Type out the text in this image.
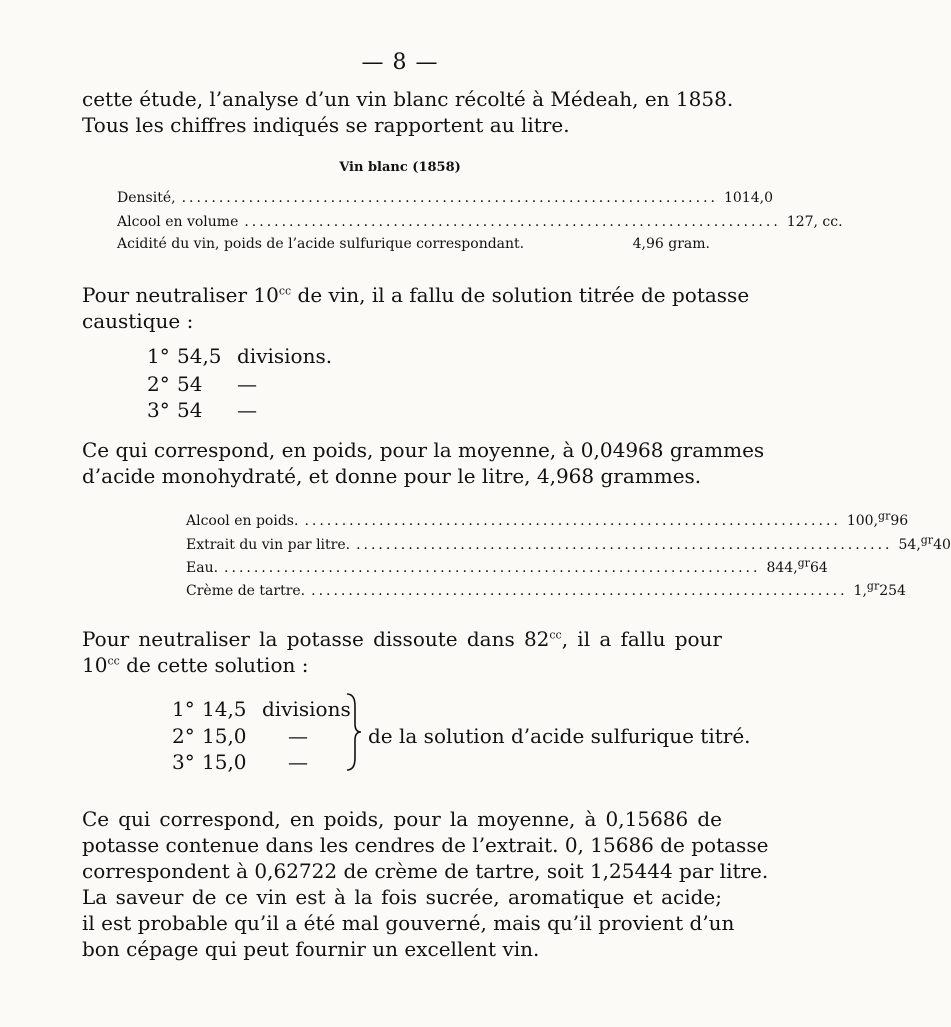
— 8 —
cette étude, l’analyse d’un vin blanc récolté à Médeah, en 1858.
Tous les chiffres indiqués se rapportent au litre.
Vin blanc (1858)
Densité, ........................................................................ 1014,0
Alcool en volume ........................................................................ 127, cc.
Acidité du vin, poids de l’acide sulfurique correspondant.	4,96 gram.
Pour neutraliser $10^{cc}$ de vin, il a fallu de solution titrée de potasse
caustique :
1° 54,5 divisions.
2° 54 —
3° 54 —
Ce qui correspond, en poids, pour la moyenne, à 0,04968 grammes
d’acide monohydraté, et donne pour le litre, 4,968 grammes.
Alcool en poids. ........................................................................ 100,$^{gr}$96
Extrait du vin par litre. ........................................................................ 54,$^{gr}$40
Eau. ........................................................................ 844,$^{gr}$64
Crème de tartre. ........................................................................ 1,$^{gr}$254
Pour neutraliser la potasse dissoute dans $82^{cc}$, il a fallu pour
$10^{cc}$ de cette solution :
1° 14,5 divisions
2° 15,0 —
3° 15,0 —
de la solution d’acide sulfurique titré.
Ce qui correspond, en poids, pour la moyenne, à 0,15686 de
potasse contenue dans les cendres de l’extrait. 0, 15686 de potasse
correspondent à 0,62722 de crème de tartre, soit 1,25444 par litre.
La saveur de ce vin est à la fois sucrée, aromatique et acide;
il est probable qu’il a été mal gouverné, mais qu’il provient d’un
bon cépage qui peut fournir un excellent vin.
